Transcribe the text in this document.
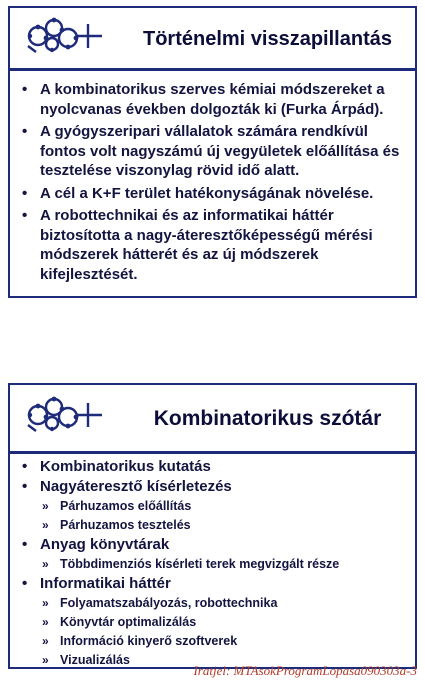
Történelmi visszapillantás
• A kombinatorikus szerves kémiai módszereket a nyolcvanas években dolgozták ki (Furka Árpád).
• A gyógyszeripari vállalatok számára rendkívül fontos volt nagyszámú új vegyületek előállítása és tesztelése viszonylag rövid idő alatt.
• A cél a K+F terület hatékonyságának növelése.
• A robottechnikai és az informatikai háttér biztosította a nagy-áteresztőképességű mérési módszerek hátterét és az új módszerek kifejlesztését.
Kombinatorikus szótár
• Kombinatorikus kutatás
• Nagyáteresztő kísérletezés
» Párhuzamos előállítás
» Párhuzamos tesztelés
• Anyag könyvtárak
» Többdimenziós kísérleti terek megvizgált része
• Informatikai háttér
» Folyamatszabályozás, robottechnika
» Könyvtár optimalizálás
» Információ kinyerő szoftverek
» Vizualizálás
Iratjel: MTAsokProgramLopasa090303a-3
